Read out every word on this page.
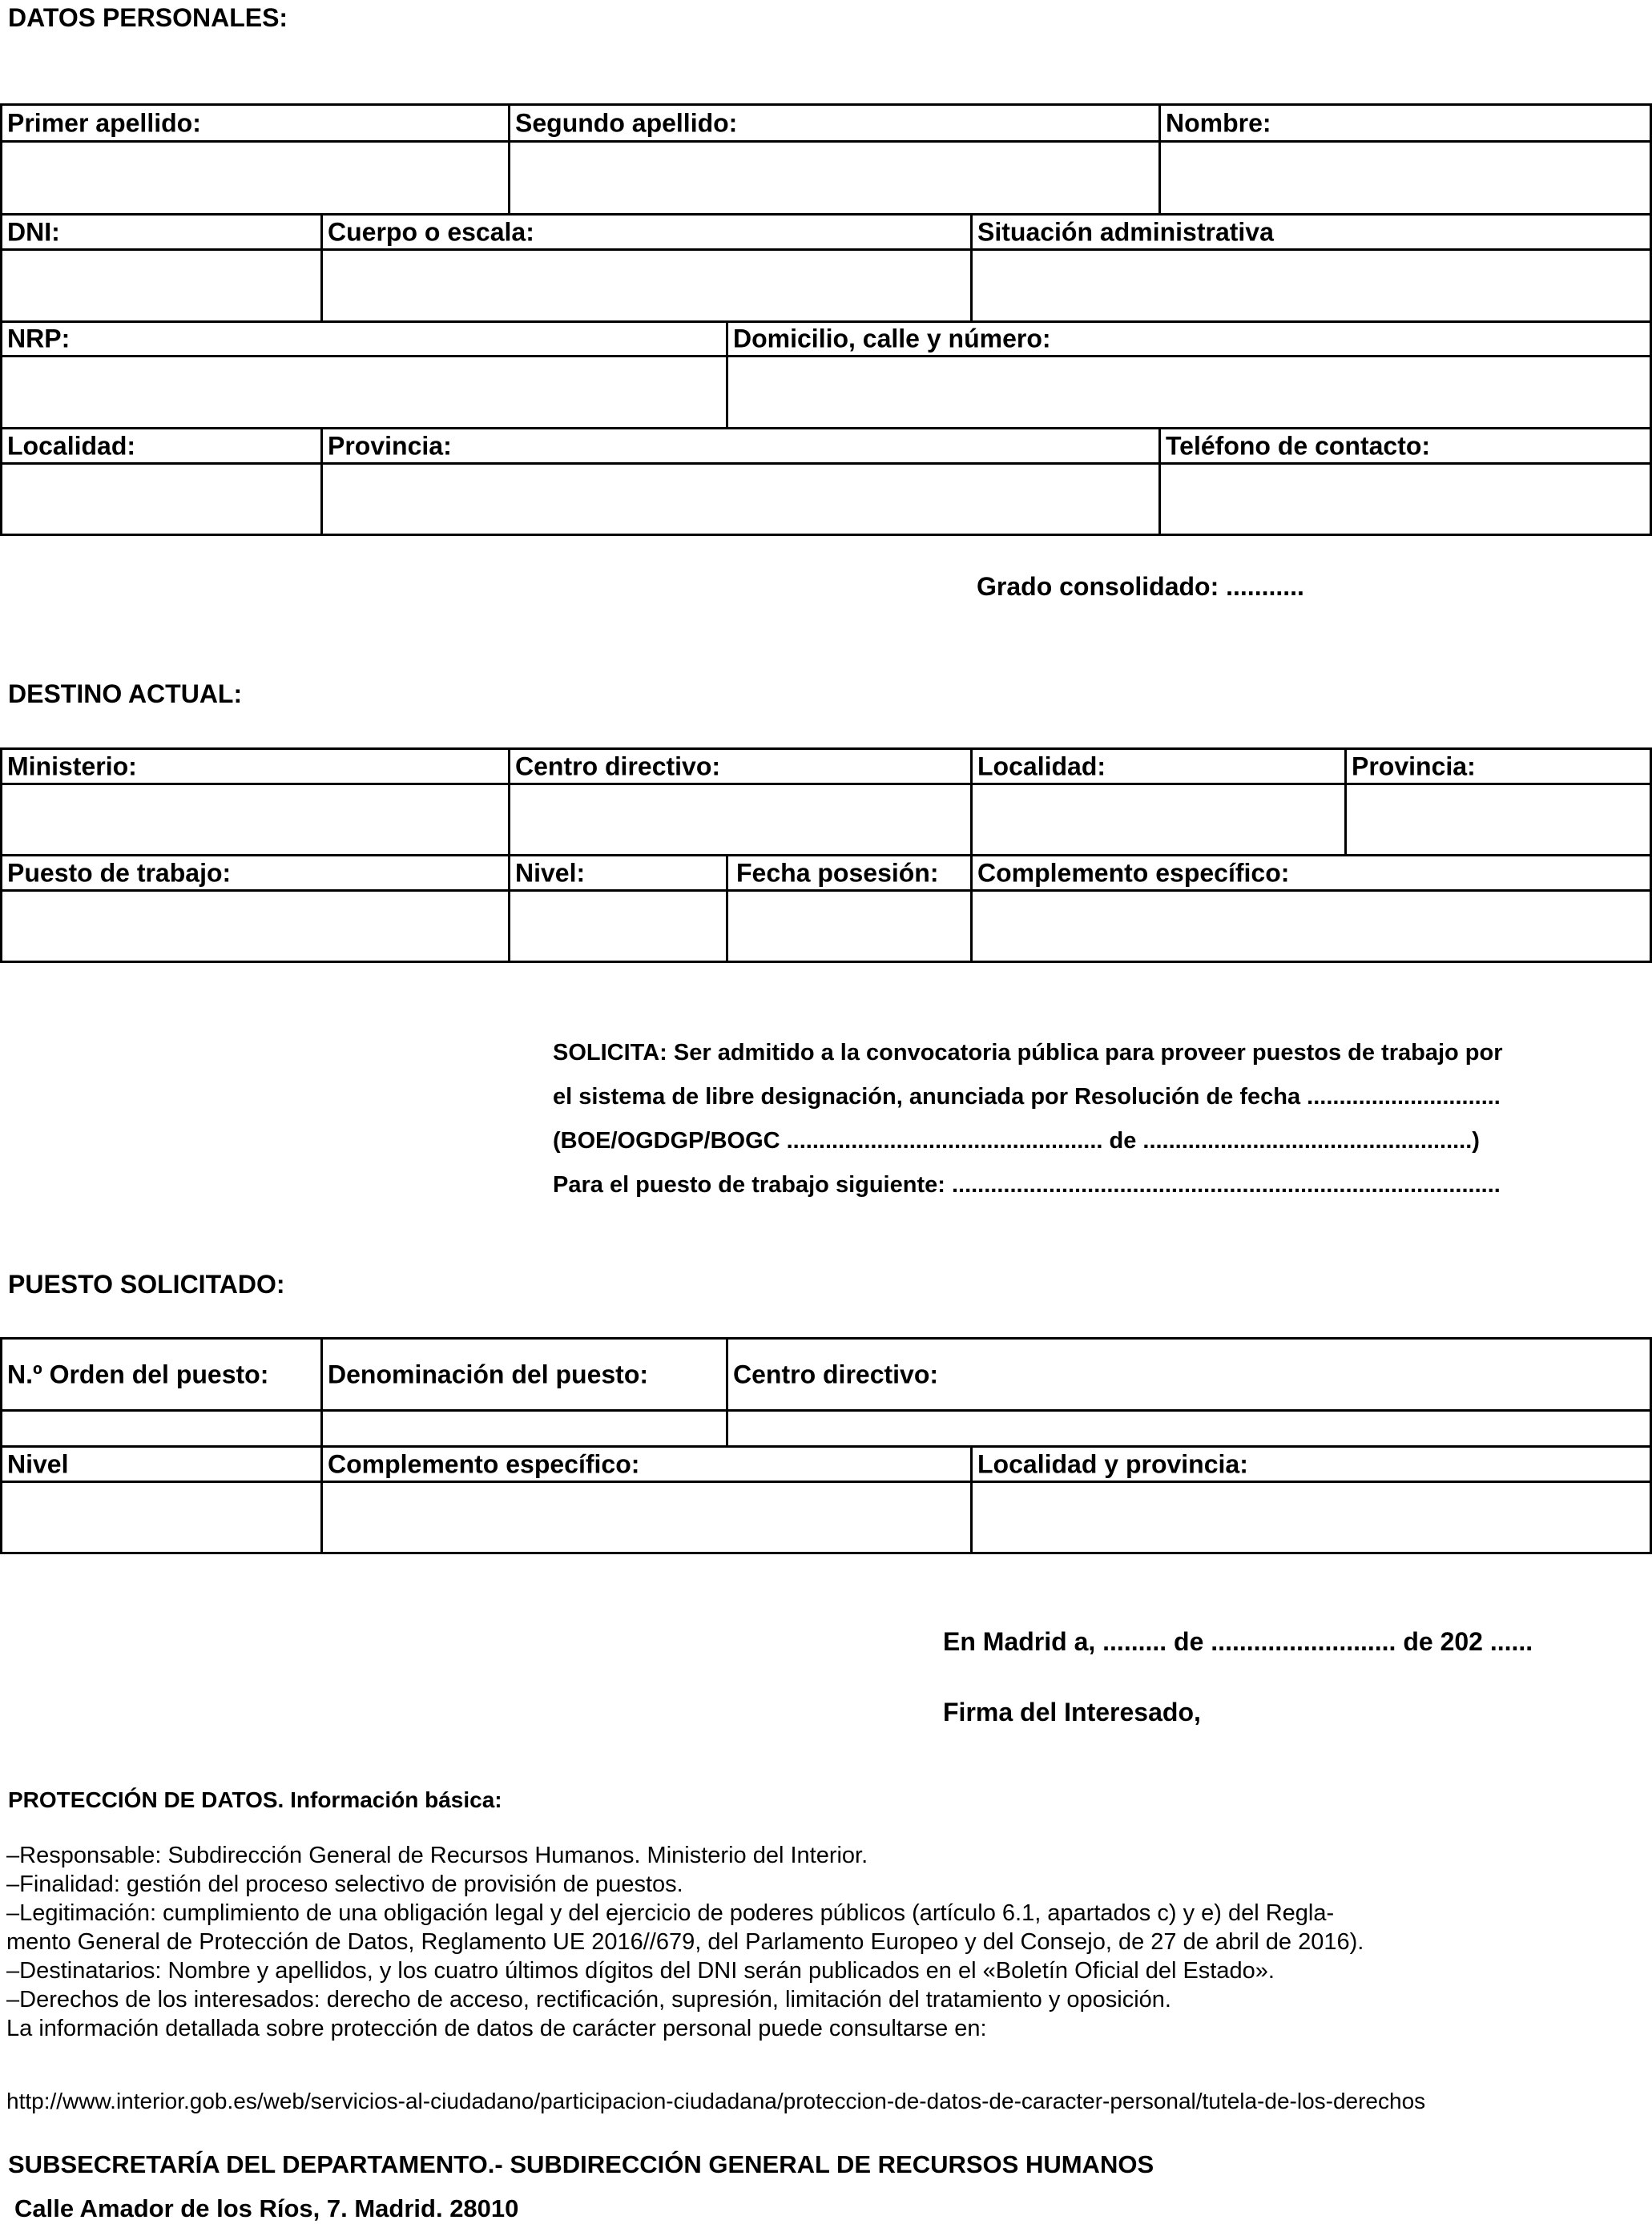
DATOS PERSONALES:
Primer apellido:	Segundo apellido:	Nombre:
DNI:	Cuerpo o escala:	Situación administrativa
NRP:	Domicilio, calle y número:
Localidad:	Provincia:	Teléfono de contacto:
Grado consolidado: ...........
DESTINO ACTUAL:
Ministerio:	Centro directivo:	Localidad:	Provincia:
Puesto de trabajo:	Nivel:	Fecha posesión: Complemento específico:
SOLICITA: Ser admitido a la convocatoria pública para proveer puestos de trabajo por
el sistema de libre designación, anunciada por Resolución de fecha ..............................
(BOE/OGDGP/BOGC ................................................. de ...................................................)
Para el puesto de trabajo siguiente: .....................................................................................
PUESTO SOLICITADO:
N.º Orden del puesto: Denominación del puesto:	Centro directivo:
Nivel	Complemento específico:	Localidad y provincia:
En Madrid a, ......... de .......................... de 202 ......
Firma del Interesado,
PROTECCIÓN DE DATOS. Información básica:
–Responsable: Subdirección General de Recursos Humanos. Ministerio del Interior.
–Finalidad: gestión del proceso selectivo de provisión de puestos.
–Legitimación: cumplimiento de una obligación legal y del ejercicio de poderes públicos (artículo 6.1, apartados c) y e) del Regla-
mento General de Protección de Datos, Reglamento UE 2016//679, del Parlamento Europeo y del Consejo, de 27 de abril de 2016).
–Destinatarios: Nombre y apellidos, y los cuatro últimos dígitos del DNI serán publicados en el «Boletín Oficial del Estado».
–Derechos de los interesados: derecho de acceso, rectificación, supresión, limitación del tratamiento y oposición.
La información detallada sobre protección de datos de carácter personal puede consultarse en:
http://www.interior.gob.es/web/servicios-al-ciudadano/participacion-ciudadana/proteccion-de-datos-de-caracter-personal/tutela-de-los-derechos
SUBSECRETARÍA DEL DEPARTAMENTO.- SUBDIRECCIÓN GENERAL DE RECURSOS HUMANOS
Calle Amador de los Ríos, 7. Madrid. 28010
